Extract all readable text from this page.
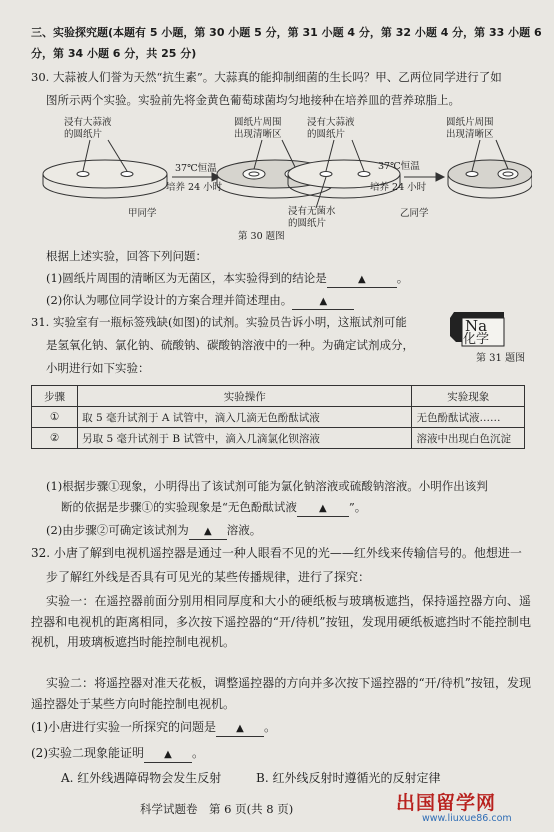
三、实验探究题(本题有 5 小题，第 30 小题 5 分，第 31 小题 4 分，第 32 小题 4 分，第 33 小题 6
分，第 34 小题 6 分，共 25 分)
30. 大蒜被人们誉为天然“抗生素”。大蒜真的能抑制细菌的生长吗？甲、乙两位同学进行了如
图所示两个实验。实验前先将金黄色葡萄球菌均匀地接种在培养皿的营养琼脂上。
浸有大蒜液
的圆纸片
圆纸片周围
出现清晰区
37℃恒温
培养 24 小时
浸有大蒜液
的圆纸片
圆纸片周围
出现清晰区
37℃恒温
培养 24 小时
甲同学	浸有无菌水
的圆纸片
乙同学
第 30 题图
根据上述实验，回答下列问题：
(1)圆纸片周围的清晰区为无菌区，本实验得到的结论是	▲	。
(2)你认为哪位同学设计的方案合理并简述理由。	▲
31. 实验室有一瓶标签残缺(如图)的试剂。实验员告诉小明，这瓶试剂可能
是氢氧化钠、氯化钠、硫酸钠、碳酸钠溶液中的一种。为确定试剂成分，
小明进行如下实验：
Na
化学
第 31 题图
步骤	实验操作	实验现象
①	取 5 毫升试剂于 A 试管中，滴入几滴无色酚酞试液	无色酚酞试液……
②	另取 5 毫升试剂于 B 试管中，滴入几滴氯化钡溶液	溶液中出现白色沉淀
(1)根据步骤①现象，小明得出了该试剂可能为氯化钠溶液或硫酸钠溶液。小明作出该判
断的依据是步骤①的实验现象是“无色酚酞试液 ▲ ”。
(2)由步骤②可确定该试剂为 ▲ 溶液。
32. 小唐了解到电视机遥控器是通过一种人眼看不见的光——红外线来传输信号的。他想进一
步了解红外线是否具有可见光的某些传播规律，进行了探究：
实验一：在遥控器前面分别用相同厚度和大小的硬纸板与玻璃板遮挡，保持遥控器方向、遥控器和电视机的距离相同，多次按下遥控器的“开/待机”按钮，发现用硬纸板遮挡时不能控制电视机，用玻璃板遮挡时能控制电视机。
实验二：将遥控器对准天花板，调整遥控器的方向并多次按下遥控器的“开/待机”按钮，发现遥控器处于某些方向时能控制电视机。
(1)小唐进行实验一所探究的问题是 ▲ 。
(2)实验二现象能证明 ▲ 。
A. 红外线遇障碍物会发生反射	B. 红外线反射时遵循光的反射定律
科学试题卷　第 6 页(共 8 页)	出国留学网
www.liuxue86.com
